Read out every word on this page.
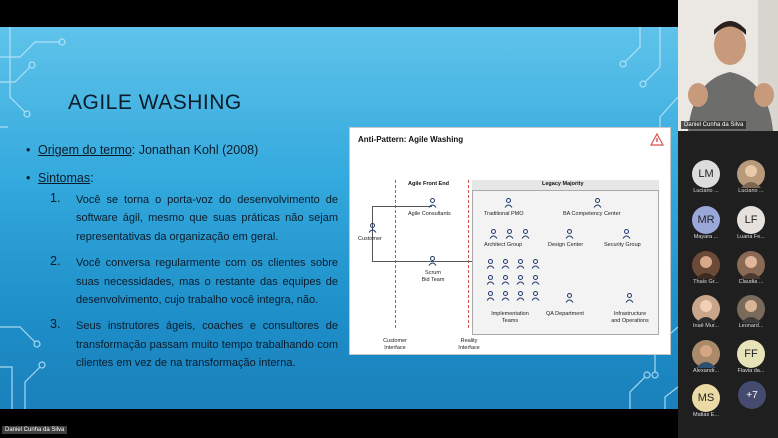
AGILE WASHING
• Origem do termo: Jonathan Kohl (2008)
• Sintomas:
1.	Você se torna o porta-voz do desenvolvimento de software ágil, mesmo que suas práticas não sejam representativas da organização em geral.
2.	Você conversa regularmente com os clientes sobre suas necessidades, mas o restante das equipes de desenvolvimento, cujo trabalho você integra, não.
3.	Seus instrutores ágeis, coaches e consultores de transformação passam muito tempo trabalhando com clientes em vez de na transformação interna.
Anti-Pattern: Agile Washing
Agile Front End	Legacy Majority
Customer
Agile Consultants
Scrum
Bid Team
Traditional PMO	BA Competency Center
Architect Group	Design Center	Security Group
Implementation
Teams
QA Department	Infrastructure
and Operations
Customer
Interface
Reality
Interface
Daniel Cunha da Silva
Daniel Cunha da Silva
LM
Luciano ...	Luciano ...
MR
Mayara ...
LF
Luana Fe...
Thaís Gr...	Claudia ...
Inaê Mur...	Leonard...
Alexandr...
FF
Flavia da...
MS
Matias E...
+7
